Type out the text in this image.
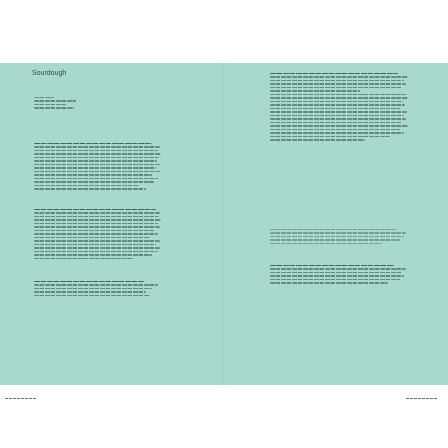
Sourdough
